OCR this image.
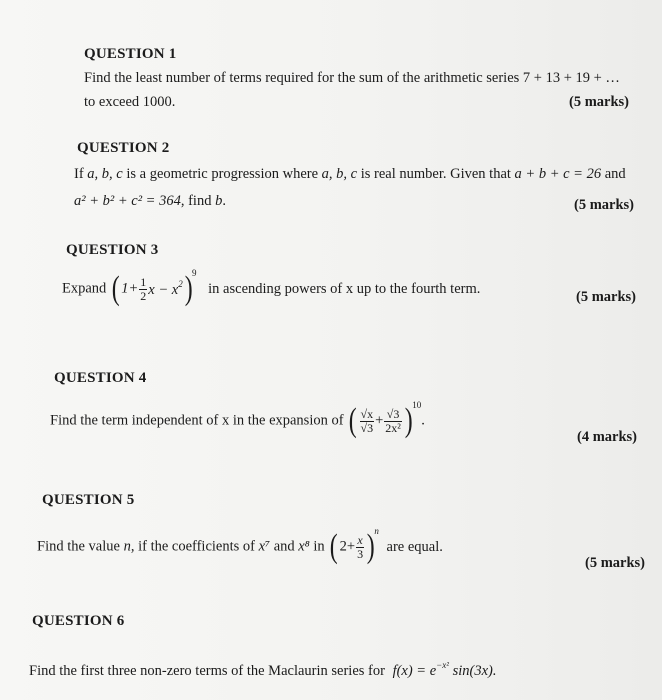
QUESTION 1
Find the least number of terms required for the sum of the arithmetic series 7 + 13 + 19 + …
to exceed 1000.	(5 marks)
QUESTION 2
If a, b, c is a geometric progression where a, b, c is real number. Given that a + b + c = 26 and
a² + b² + c² = 364, find b.	(5 marks)
QUESTION 3
Expand ( $1+ \frac{1}{2}$ $x - x^2)9$ in ascending powers of x up to the fourth term.
(5 marks)
QUESTION 4
Find the term independent of x in the expansion of ( $\frac{√x}{√3} + \frac{√3}{\text{2x²}} )10$.
(4 marks)
QUESTION 5
Find the value n, if the coefficients of x⁷ and x⁸ in ( $2+ \frac{x}{3} )n$ are equal.
(5 marks)
QUESTION 6
Find the first three non-zero terms of the Maclaurin series for $f(x) = e^{-x^2}$ sin(3x).
